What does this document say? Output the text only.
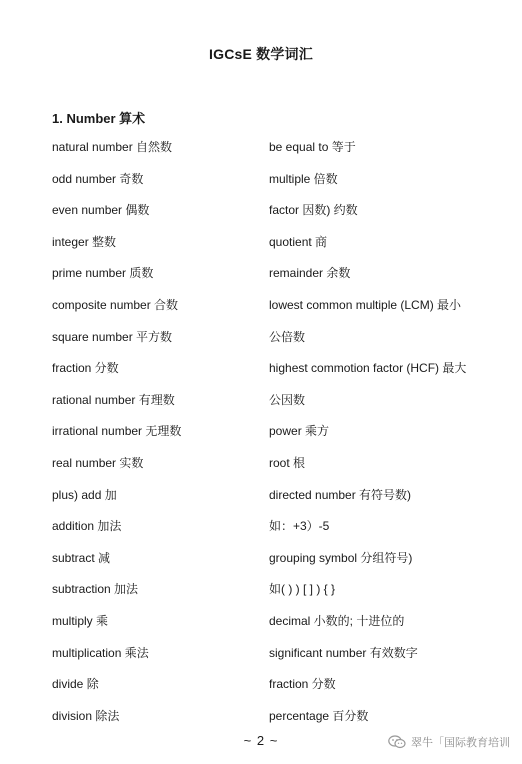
IGCsE 数学词汇
1. Number 算术
natural number 自然数
odd number 奇数
even number 偶数
integer 整数
prime number 质数
composite number 合数
square number 平方数
fraction 分数
rational number 有理数
irrational number 无理数
real number 实数
plus) add 加
addition 加法
subtract 减
subtraction 加法
multiply 乘
multiplication 乘法
divide 除
division 除法
be equal to 等于
multiple 倍数
factor 因数) 约数
quotient 商
remainder 余数
lowest common multiple (LCM) 最小
公倍数
highest commotion factor (HCF) 最大
公因数
power 乘方
root 根
directed number 有符号数)
如：+3）-5
grouping symbol 分组符号)
如( ) ) [ ] ) { }
decimal 小数的; 十进位的
significant number 有效数字
fraction 分数
percentage 百分数
~ 2 ~	翠牛「国际教育培训
